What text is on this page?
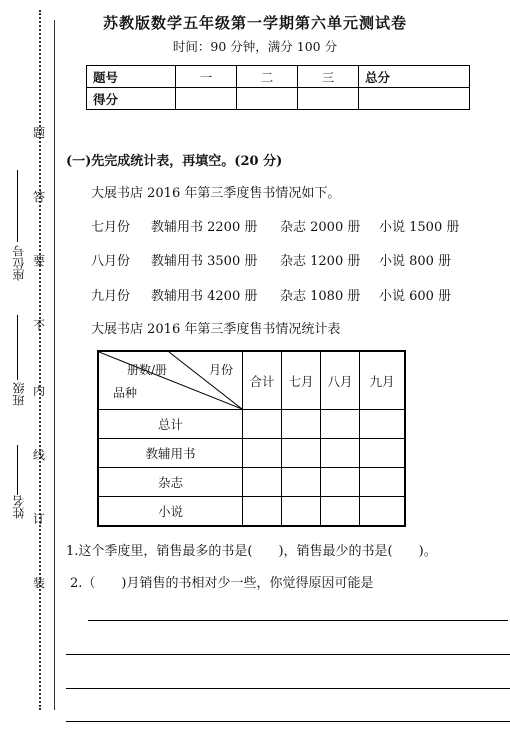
姓名
班级
座位号
装
订
线
内
不
要
答
题
苏教版数学五年级第一学期第六单元测试卷
时间：90 分钟，满分 100 分
题号	一	二	三	总分
得分				
(一)先完成统计表，再填空。(20 分)
大展书店 2016 年第三季度售书情况如下。
七月份 教辅用书 2200 册 杂志 2000 册 小说 1500 册
八月份 教辅用书 3500 册 杂志 1200 册 小说 800 册
九月份 教辅用书 4200 册 杂志 1080 册 小说 600 册
大展书店 2016 年第三季度售书情况统计表
册数/册 月份
品种	合计	七月	八月	九月
总计				
教辅用书				
杂志				
小说				
1.这个季度里，销售最多的书是(　　)，销售最少的书是(　　)。
2.（　　)月销售的书相对少一些，你觉得原因可能是
